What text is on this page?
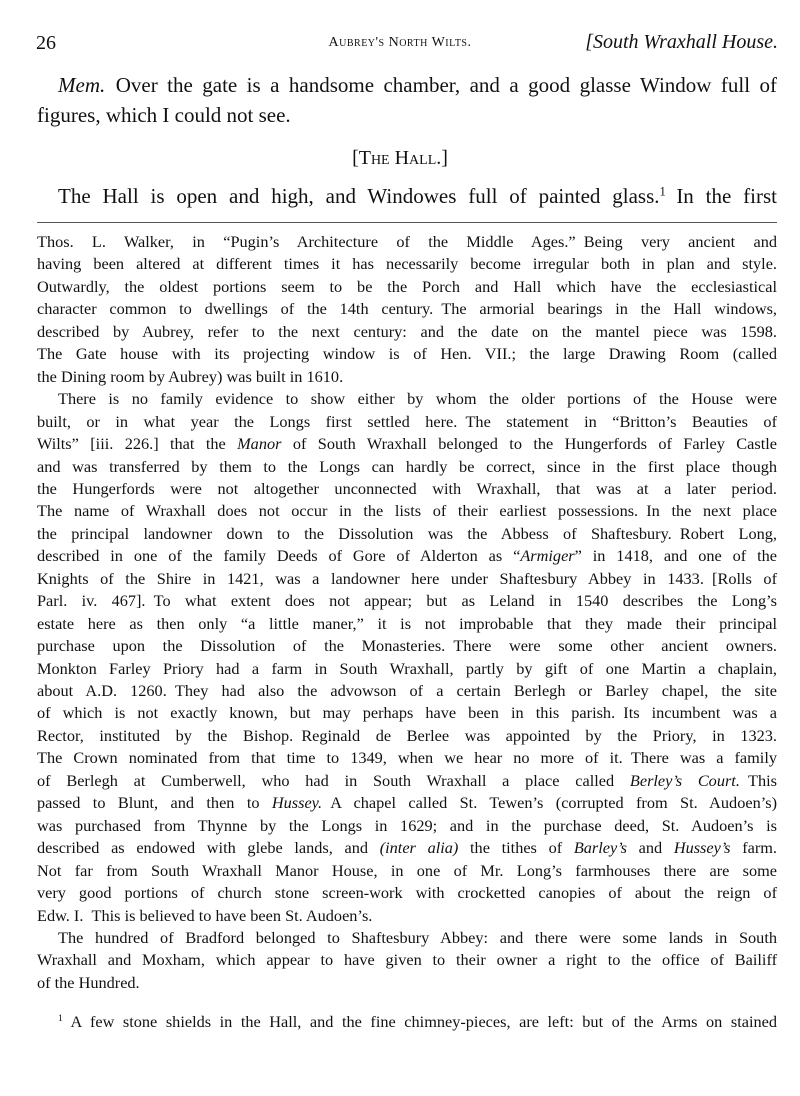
26	Aubrey's North Wilts.	[South Wraxhall House.
[The Hall.]
Mem. Over the gate is a handsome chamber, and a good glasse Window full of
figures, which I could not see.
The Hall is open and high, and Windowes full of painted glass.$^1$ In the first
Thos. L. Walker, in “Pugin’s Architecture of the Middle Ages.” Being very ancient and
having been altered at different times it has necessarily become irregular both in plan and style.
Outwardly, the oldest portions seem to be the Porch and Hall which have the ecclesiastical
character common to dwellings of the 14th century. The armorial bearings in the Hall windows,
described by Aubrey, refer to the next century: and the date on the mantel piece was 1598.
The Gate house with its projecting window is of Hen. VII.; the large Drawing Room (called
the Dining room by Aubrey) was built in 1610.
There is no family evidence to show either by whom the older portions of the House were
built, or in what year the Longs first settled here. The statement in “Britton’s Beauties of
Wilts” [iii. 226.] that the Manor of South Wraxhall belonged to the Hungerfords of Farley Castle
and was transferred by them to the Longs can hardly be correct, since in the first place though
the Hungerfords were not altogether unconnected with Wraxhall, that was at a later period.
The name of Wraxhall does not occur in the lists of their earliest possessions. In the next place
the principal landowner down to the Dissolution was the Abbess of Shaftesbury. Robert Long,
described in one of the family Deeds of Gore of Alderton as “Armiger” in 1418, and one of the
Knights of the Shire in 1421, was a landowner here under Shaftesbury Abbey in 1433. [Rolls of
Parl. iv. 467]. To what extent does not appear; but as Leland in 1540 describes the Long’s
estate here as then only “a little maner,” it is not improbable that they made their principal
purchase upon the Dissolution of the Monasteries. There were some other ancient owners.
Monkton Farley Priory had a farm in South Wraxhall, partly by gift of one Martin a chaplain,
about A.D. 1260. They had also the advowson of a certain Berlegh or Barley chapel, the site
of which is not exactly known, but may perhaps have been in this parish. Its incumbent was a
Rector, instituted by the Bishop. Reginald de Berlee was appointed by the Priory, in 1323.
The Crown nominated from that time to 1349, when we hear no more of it. There was a family
of Berlegh at Cumberwell, who had in South Wraxhall a place called Berley’s Court. This
passed to Blunt, and then to Hussey. A chapel called St. Tewen’s (corrupted from St. Audoen’s)
was purchased from Thynne by the Longs in 1629; and in the purchase deed, St. Audoen’s is
described as endowed with glebe lands, and (inter alia) the tithes of Barley’s and Hussey’s farm.
Not far from South Wraxhall Manor House, in one of Mr. Long’s farmhouses there are some
very good portions of church stone screen-work with crocketted canopies of about the reign of
Edw. I. This is believed to have been St. Audoen’s.
The hundred of Bradford belonged to Shaftesbury Abbey: and there were some lands in South
Wraxhall and Moxham, which appear to have given to their owner a right to the office of Bailiff
of the Hundred.
$^1$ A few stone shields in the Hall, and the fine chimney-pieces, are left: but of the Arms on stained
